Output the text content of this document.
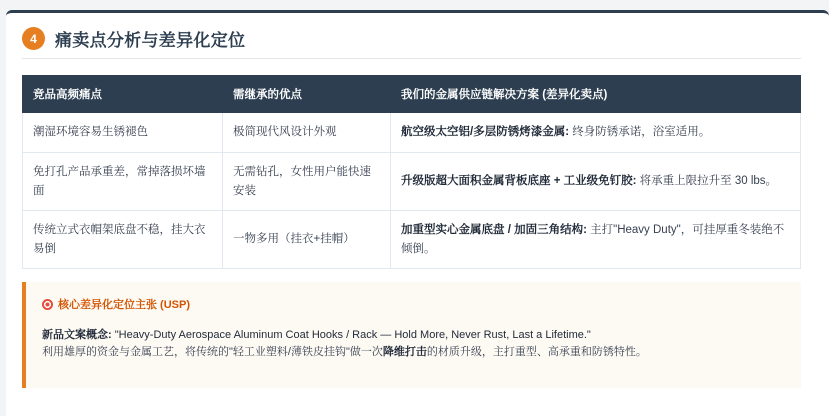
4	痛卖点分析与差异化定位
竞品高频痛点	需继承的优点	我们的金属供应链解决方案 (差异化卖点)
潮湿环境容易生锈褪色	极简现代风设计外观	航空级太空铝/多层防锈烤漆金属: 终身防锈承诺，浴室适用。
免打孔产品承重差，常掉落损坏墙面	无需钻孔，女性用户能快速安装	升级版超大面积金属背板底座 + 工业级免钉胶: 将承重上限拉升至 30 lbs。
传统立式衣帽架底盘不稳，挂大衣易倒	一物多用（挂衣+挂帽）	加重型实心金属底盘 / 加固三角结构: 主打"Heavy Duty"，可挂厚重冬装绝不倾倒。
核心差异化定位主张 (USP)
新品文案概念: "Heavy-Duty Aerospace Aluminum Coat Hooks / Rack — Hold More, Never Rust, Last a Lifetime."
利用雄厚的资金与金属工艺，将传统的"轻工业塑料/薄铁皮挂钩"做一次降维打击的材质升级，主打重型、高承重和防锈特性。
